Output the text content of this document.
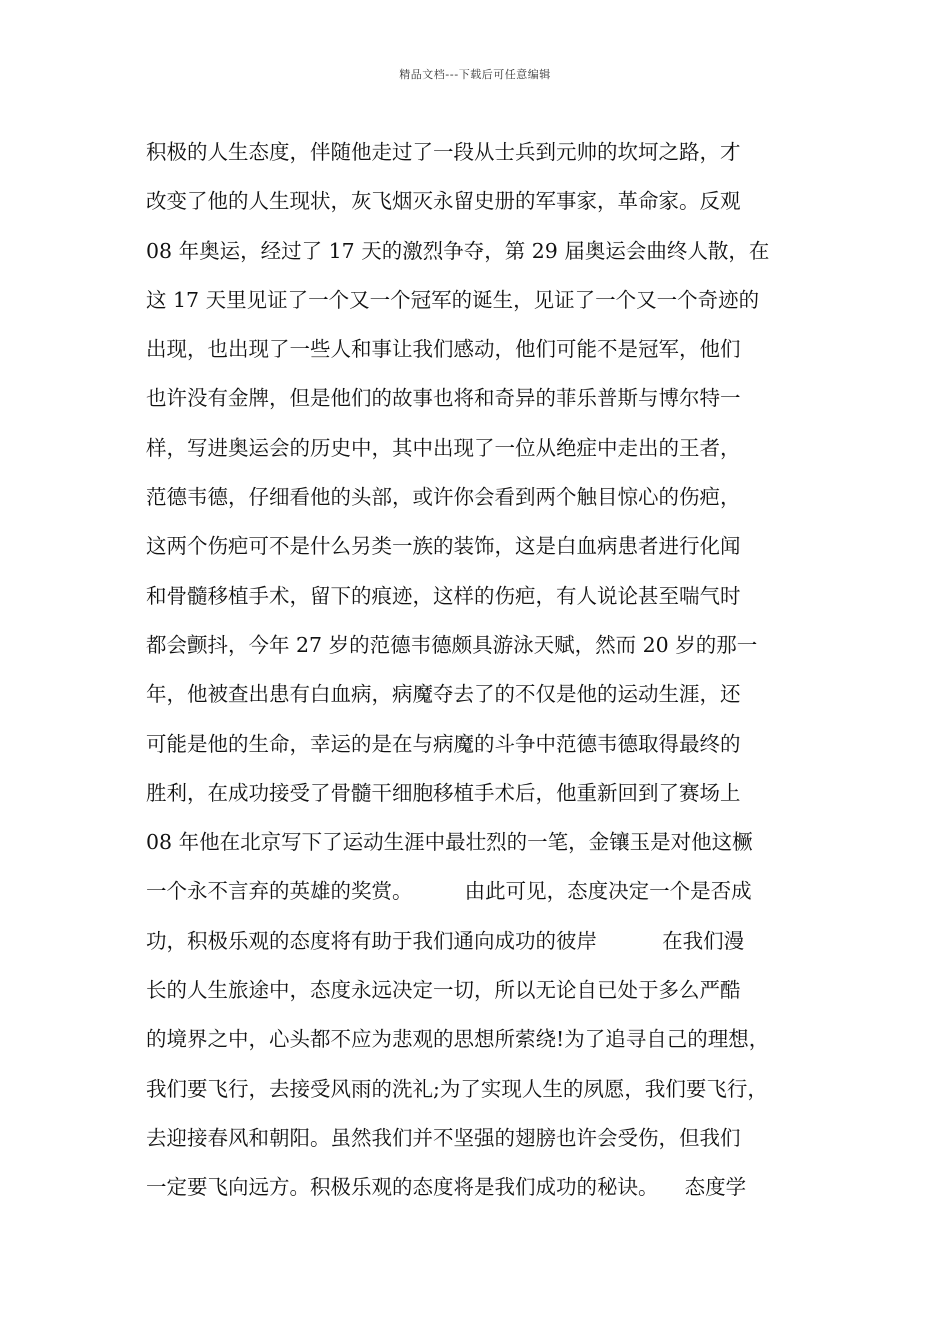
精品文档---下载后可任意编辑
积极的人生态度，伴随他走过了一段从士兵到元帅的坎坷之路，才
改变了他的人生现状，灰飞烟灭永留史册的军事家，革命家。反观
08 年奥运，经过了 17 天的激烈争夺，第 29 届奥运会曲终人散，在
这 17 天里见证了一个又一个冠军的诞生，见证了一个又一个奇迹的
出现，也出现了一些人和事让我们感动，他们可能不是冠军，他们
也许没有金牌，但是他们的故事也将和奇异的菲乐普斯与博尔特一
样，写进奥运会的历史中，其中出现了一位从绝症中走出的王者，
范德韦德，仔细看他的头部，或许你会看到两个触目惊心的伤疤，
这两个伤疤可不是什么另类一族的装饰，这是白血病患者进行化闻
和骨髓移植手术，留下的痕迹，这样的伤疤，有人说论甚至喘气时
都会颤抖，今年 27 岁的范德韦德颇具游泳天赋，然而 20 岁的那一
年，他被查出患有白血病，病魔夺去了的不仅是他的运动生涯，还
可能是他的生命，幸运的是在与病魔的斗争中范德韦德取得最终的
胜利，在成功接受了骨髓干细胞移植手术后，他重新回到了赛场上
08 年他在北京写下了运动生涯中最壮烈的一笔，金镶玉是对他这橛
一个永不言弃的英雄的奖赏。        由此可见，态度决定一个是否成
功，积极乐观的态度将有助于我们通向成功的彼岸          在我们漫
长的人生旅途中，态度永远决定一切，所以无论自已处于多么严酷
的境界之中，心头都不应为悲观的思想所萦绕!为了追寻自己的理想，
我们要飞行，去接受风雨的洗礼;为了实现人生的夙愿，我们要飞行，
去迎接春风和朝阳。虽然我们并不坚强的翅膀也许会受伤，但我们
一定要飞向远方。积极乐观的态度将是我们成功的秘诀。    态度学
